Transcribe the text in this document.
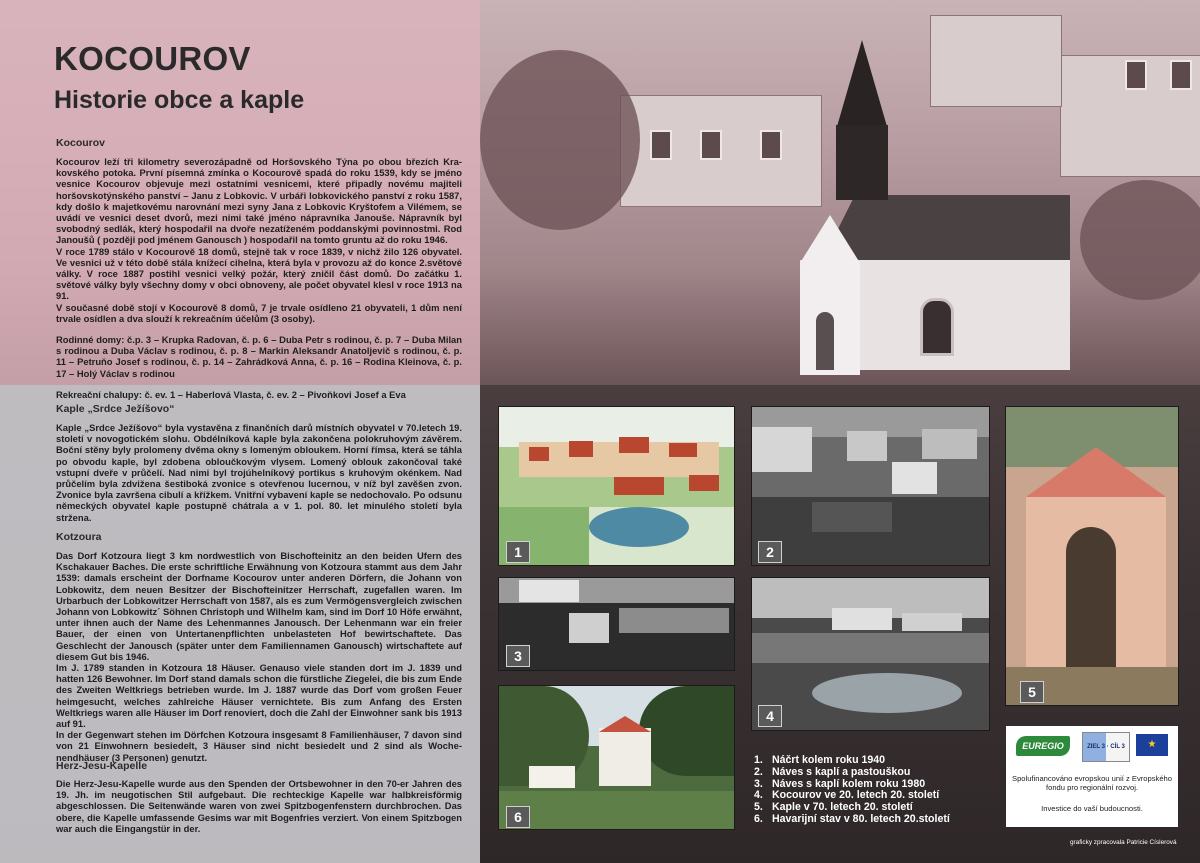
KOCOUROV
Historie obce a kaple
Kocourov

Kocourov leží tři kilometry severozápadně od Horšovského Týna po obou březích Krakovského potoka. První písemná zmínka o Kocourově spadá do roku 1539, kdy se jméno vesnice Kocourov objevuje mezi ostatními vesnicemi, které připadly novému majiteli horšovskotýnského panství – Janu z Lobkovic. V urbáři lobkovického panství z roku 1587, kdy došlo k majetkovému narovnání mezi syny Jana z Lobkovic Kryštofem a Vilémem, se uvádí ve vesnici deset dvorů, mezi nimi také jméno nápravníka Janouše. Nápravník byl svobodný sedlák, který hospodařil na dvoře nezatíženém poddanskými povinnostmi. Rod Janoušů ( později pod jménem Ganousch ) hospodařil na tomto gruntu až do roku 1946.

V roce 1789 stálo v Kocourově 18 domů, stejně tak v roce 1839, v nichž žilo 126 obyvatel. Ve vesnici už v této době stála knížecí cihelna, která byla v provozu až do konce 2.světové války. V roce 1887 postihl vesnici velký požár, který zničil část domů. Do začátku 1. světové války byly všechny domy v obci obnoveny, ale počet obyvatel klesl v roce 1913 na 91.

V současné době stojí v Kocourově 8 domů, 7 je trvale osídleno 21 obyvateli, 1 dům není trvale osídlen a dva slouží k rekreačním účelům (3 osoby).

Rodinné domy: č.p. 3 – Krupka Radovan, č. p. 6 – Duba Petr s rodinou, č. p. 7 – Duba Milan s rodinou a Duba Václav s rodinou, č. p. 8 – Markin Aleksandr Anatoljevič s rodinou, č. p. 11 – Petruňo Josef s rodinou, č. p. 14 – Zahrádková Anna, č. p. 16 – Rodina Kleinova, č. p. 17 – Holý Václav s rodinou

Rekreační chalupy: č. ev. 1 – Haberlová Vlasta, č. ev. 2 – Pivoňkovi Josef a Eva

Kaple „Srdce Ježíšovo“

Kaple „Srdce Ježíšovo“ byla vystavěna z finančních darů místních obyvatel v 70.letech 19. století v novogotickém slohu. Obdélníková kaple byla zakončena polokruhovým závěrem. Boční stěny byly prolomeny dvěma okny s lomeným obloukem. Horní římsa, která se táhla po obvodu kaple, byl zdobena obloučkovým vlysem. Lomený oblouk zakončoval také vstupní dveře v průčelí. Nad nimi byl trojúhelníkový portikus s kruhovým okénkem. Nad průčelím byla zdvižena šestiboká zvonice s otevřenou lucernou, v níž byl zavěšen zvon. Zvonice byla završena cibulí a křížkem. Vnitřní vybavení kaple se nedochovalo. Po odsunu německých obyvatel kaple postupně chátrala a v 1. pol. 80. let minulého století byla stržena.

Kotzoura

Das Dorf Kotzoura liegt 3 km nordwestlich von Bischofteinitz an den beiden Ufern des Kschakauer Baches. Die erste schriftliche Erwähnung von Kotzoura stammt aus dem Jahr 1539: damals erscheint der Dorfname Kocourov unter anderen Dörfern, die Johann von Lobkowitz, dem neuen Besitzer der Bischofteinitzer Herrschaft, zugefallen waren. Im Urbarbuch der Lobkowitzer Herrschaft von 1587, als es zum Vermögensvergleich zwischen Johann von Lobkowitz´ Söhnen Christoph und Wilhelm kam, sind im Dorf 10 Höfe erwähnt, unter ihnen auch der Name des Lehenmannes Janousch. Der Lehenmann war ein freier Bauer, der einen von Untertanenpflichten unbelasteten Hof bewirtschaftete. Das Geschlecht der Janousch (später unter dem Familiennamen Ganousch) wirtschaftete auf diesem Gut bis 1946.

Im J. 1789 standen in Kotzoura 18 Häuser. Genauso viele standen dort im J. 1839 und hatten 126 Bewohner. Im Dorf stand damals schon die fürstliche Ziegelei, die bis zum Ende des Zweiten Weltkriegs betrieben wurde. Im J. 1887 wurde das Dorf vom großen Feuer heimgesucht, welches zahlreiche Häuser vernichtete. Bis zum Anfang des Ersten Weltkriegs waren alle Häuser im Dorf renoviert, doch die Zahl der Einwohner sank bis 1913 auf 91.

In der Gegenwart stehen im Dörfchen Kotzoura insgesamt 8 Familienhäuser, 7 davon sind von 21 Einwohnern besiedelt, 3 Häuser sind nicht besiedelt und 2 sind als Wochenendhäuser (3 Personen) genutzt.

Herz-Jesu-Kapelle

Die Herz-Jesu-Kapelle wurde aus den Spenden der Ortsbewohner in den 70-er Jahren des 19. Jh. im neugotischen Stil aufgebaut. Die rechteckige Kapelle war halbkreisförmig abgeschlossen. Die Seitenwände waren von zwei Spitzbogenfenstern durchbrochen. Das obere, die Kapelle umfassende Gesims war mit Bogenfries verziert. Von einem Spitzbogen war auch die Eingangstür in der.

1	2
3
4
5
6
1. Náčrt kolem roku 1940
2. Náves s kaplí a pastouškou
3. Náves s kaplí kolem roku 1980
4. Kocourov ve 20. letech 20. století
5. Kaple v 70. letech 20. století
6. Havarijní stav v 80. letech 20.století
EUREGIO	ZIEL 3 · CÍL 3	★

Spolufinancováno evropskou unií z Evropského fondu pro regionální rozvoj.

Investice do vaší budoucnosti.

graficky zpracovala Patricie Císlerová
